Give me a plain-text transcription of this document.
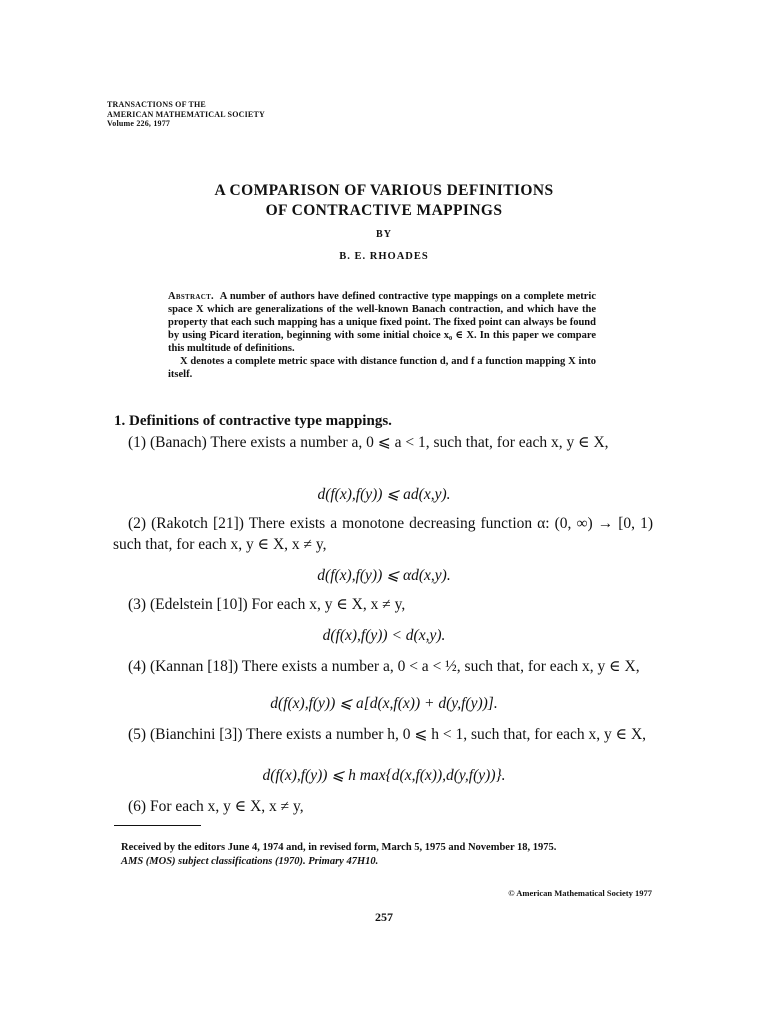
TRANSACTIONS OF THE
AMERICAN MATHEMATICAL SOCIETY
Volume 226, 1977
A COMPARISON OF VARIOUS DEFINITIONS
OF CONTRACTIVE MAPPINGS
BY
B. E. RHOADES

Abstract. A number of authors have defined contractive type mappings on a complete metric space X which are generalizations of the well-known Banach contraction, and which have the property that each such mapping has a unique fixed point. The fixed point can always be found by using Picard iteration, beginning with some initial choice x₀ ∈ X. In this paper we compare this multitude of definitions.

X denotes a complete metric space with distance function d, and f a function mapping X into itself.

1. Definitions of contractive type mappings.

(1) (Banach) There exists a number a, 0 ⩽ a < 1, such that, for each x, y ∈ X,

d(f(x),f(y)) ⩽ ad(x,y).

(2) (Rakotch [21]) There exists a monotone decreasing function α: (0, ∞) → [0, 1) such that, for each x, y ∈ X, x ≠ y,

d(f(x),f(y)) ⩽ αd(x,y).

(3) (Edelstein [10]) For each x, y ∈ X, x ≠ y,

d(f(x),f(y)) < d(x,y).

(4) (Kannan [18]) There exists a number a, 0 < a < ½, such that, for each x, y ∈ X,

d(f(x),f(y)) ⩽ a[d(x,f(x)) + d(y,f(y))].

(5) (Bianchini [3]) There exists a number h, 0 ⩽ h < 1, such that, for each x, y ∈ X,

d(f(x),f(y)) ⩽ h max{d(x,f(x)),d(y,f(y))}.

(6) For each x, y ∈ X, x ≠ y,

Received by the editors June 4, 1974 and, in revised form, March 5, 1975 and November 18, 1975.

AMS (MOS) subject classifications (1970). Primary 47H10.

© American Mathematical Society 1977
257
